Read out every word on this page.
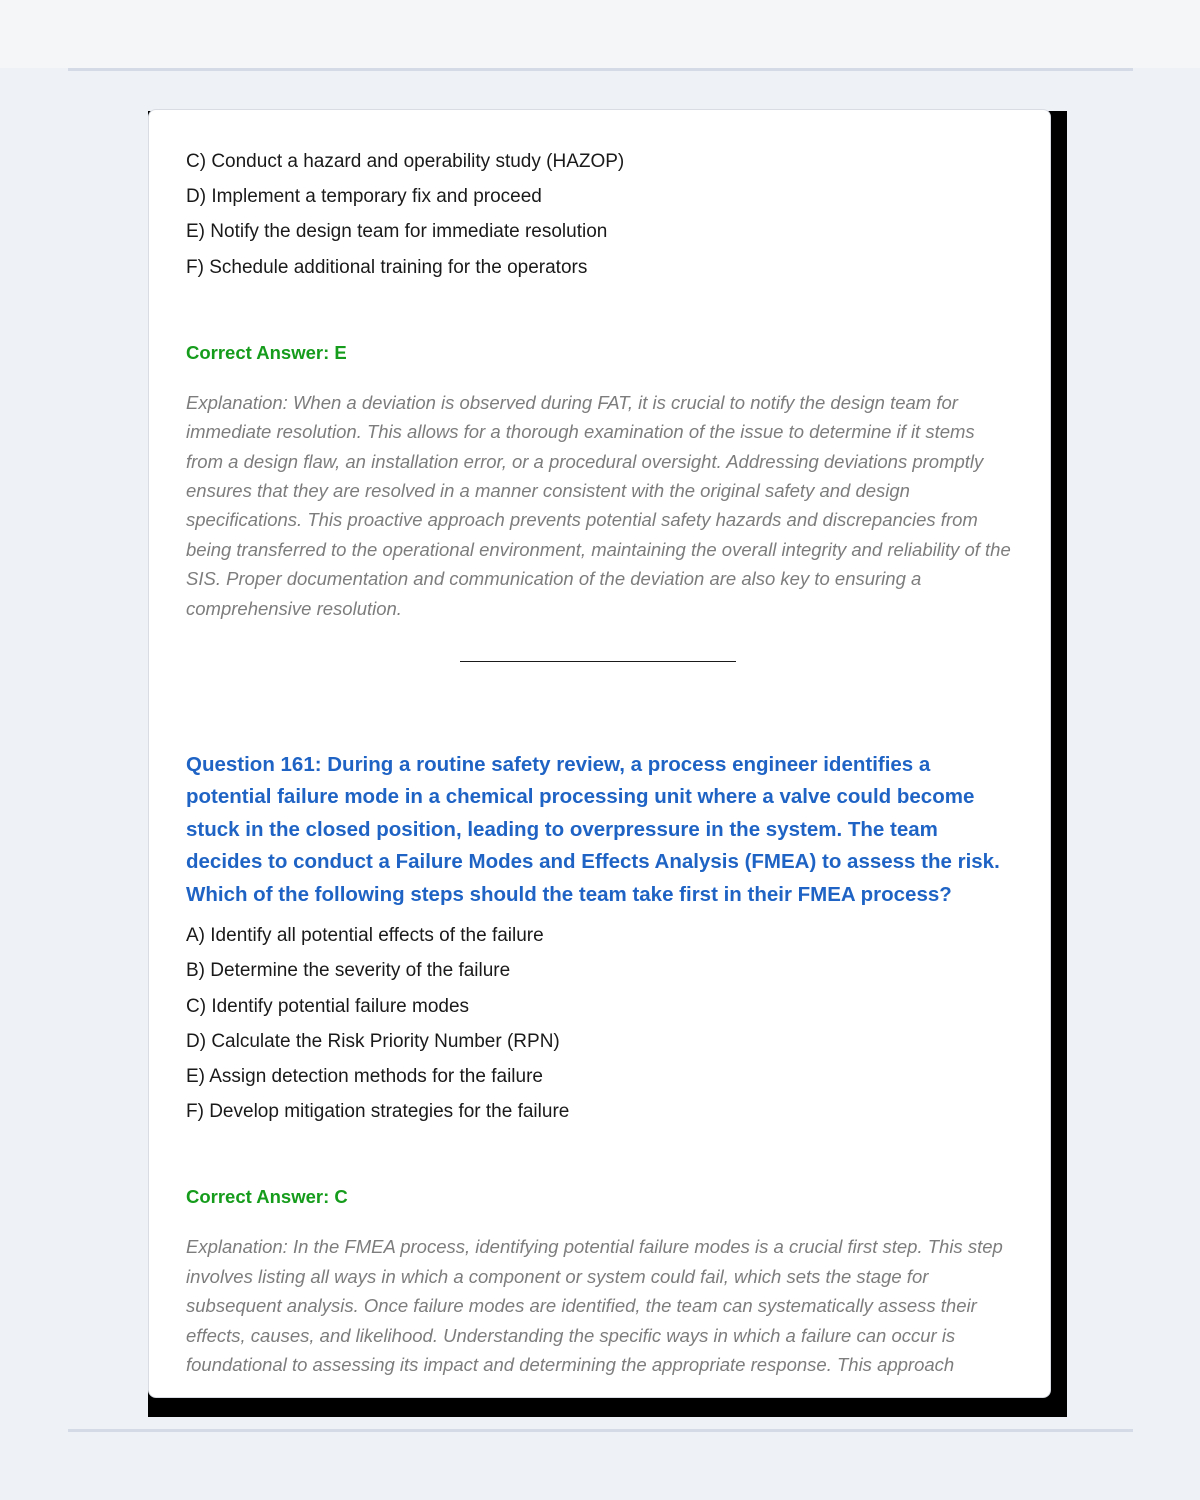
C) Conduct a hazard and operability study (HAZOP)

D) Implement a temporary fix and proceed

E) Notify the design team for immediate resolution

F) Schedule additional training for the operators

Correct Answer: E

Explanation: When a deviation is observed during FAT, it is crucial to notify the design team for immediate resolution. This allows for a thorough examination of the issue to determine if it stems from a design flaw, an installation error, or a procedural oversight. Addressing deviations promptly ensures that they are resolved in a manner consistent with the original safety and design specifications. This proactive approach prevents potential safety hazards and discrepancies from being transferred to the operational environment, maintaining the overall integrity and reliability of the SIS. Proper documentation and communication of the deviation are also key to ensuring a comprehensive resolution.

Question 161: During a routine safety review, a process engineer identifies a potential failure mode in a chemical processing unit where a valve could become stuck in the closed position, leading to overpressure in the system. The team decides to conduct a Failure Modes and Effects Analysis (FMEA) to assess the risk. Which of the following steps should the team take first in their FMEA process?

A) Identify all potential effects of the failure

B) Determine the severity of the failure

C) Identify potential failure modes

D) Calculate the Risk Priority Number (RPN)

E) Assign detection methods for the failure

F) Develop mitigation strategies for the failure

Correct Answer: C

Explanation: In the FMEA process, identifying potential failure modes is a crucial first step. This step involves listing all ways in which a component or system could fail, which sets the stage for subsequent analysis. Once failure modes are identified, the team can systematically assess their effects, causes, and likelihood. Understanding the specific ways in which a failure can occur is foundational to assessing its impact and determining the appropriate response. This approach
